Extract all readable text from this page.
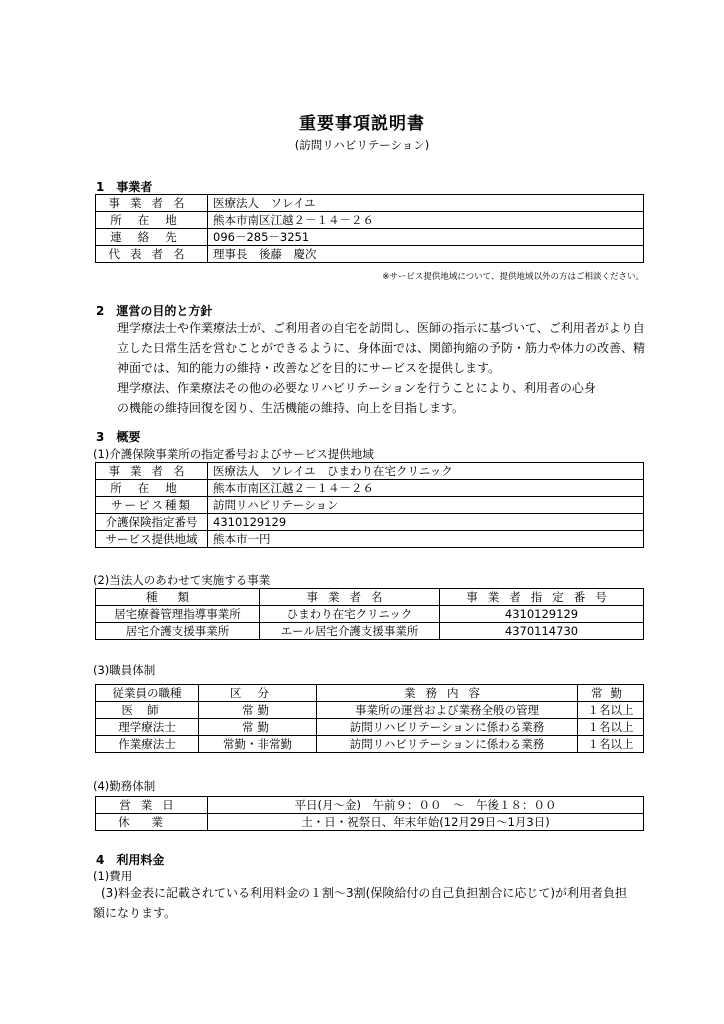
重要事項説明書
(訪問リハビリテーション)
1　事業者
事業者名	医療法人　ソレイユ
所在地	熊本市南区江越２－１４－２６
連絡先	096－285－3251
代表者名	理事長　後藤　慶次
※サービス提供地域について、提供地域以外の方はご相談ください。
2　運営の目的と方針
理学療法士や作業療法士が、ご利用者の自宅を訪問し、医師の指示に基づいて、ご利用者がより自
立した日常生活を営むことができるように、身体面では、関節拘縮の予防・筋力や体力の改善、精
神面では、知的能力の維持・改善などを目的にサービスを提供します。
理学療法、作業療法その他の必要なリハビリテーションを行うことにより、利用者の心身
の機能の維持回復を図り、生活機能の維持、向上を目指します。
3　概要
(1)介護保険事業所の指定番号およびサービス提供地域
事業者名	医療法人　ソレイユ　ひまわり在宅クリニック
所在地	熊本市南区江越２－１４－２６
サービス種類	訪問リハビリテーション
介護保険指定番号	4310129129
サービス提供地域	熊本市一円
(2)当法人のあわせて実施する事業
種類	事業者名	事業者指定番号
居宅療養管理指導事業所	ひまわり在宅クリニック	4310129129
居宅介護支援事業所	エール居宅介護支援事業所	4370114730
(3)職員体制
従業員の職種	区分	業務内容	常勤
医師	常勤	事業所の運営および業務全般の管理	１名以上
理学療法士	常勤	訪問リハビリテーションに係わる業務	１名以上
作業療法士	常勤・非常勤	訪問リハビリテーションに係わる業務	１名以上
(4)勤務体制
営業日	平日(月～金)　午前９：００　～　午後１８：００
休業	土・日・祝祭日、年末年始(12月29日～1月3日)
4　利用料金
(1)費用
(3)料金表に記載されている利用料金の１割～3割(保険給付の自己負担割合に応じて)が利用者負担
額になります。
